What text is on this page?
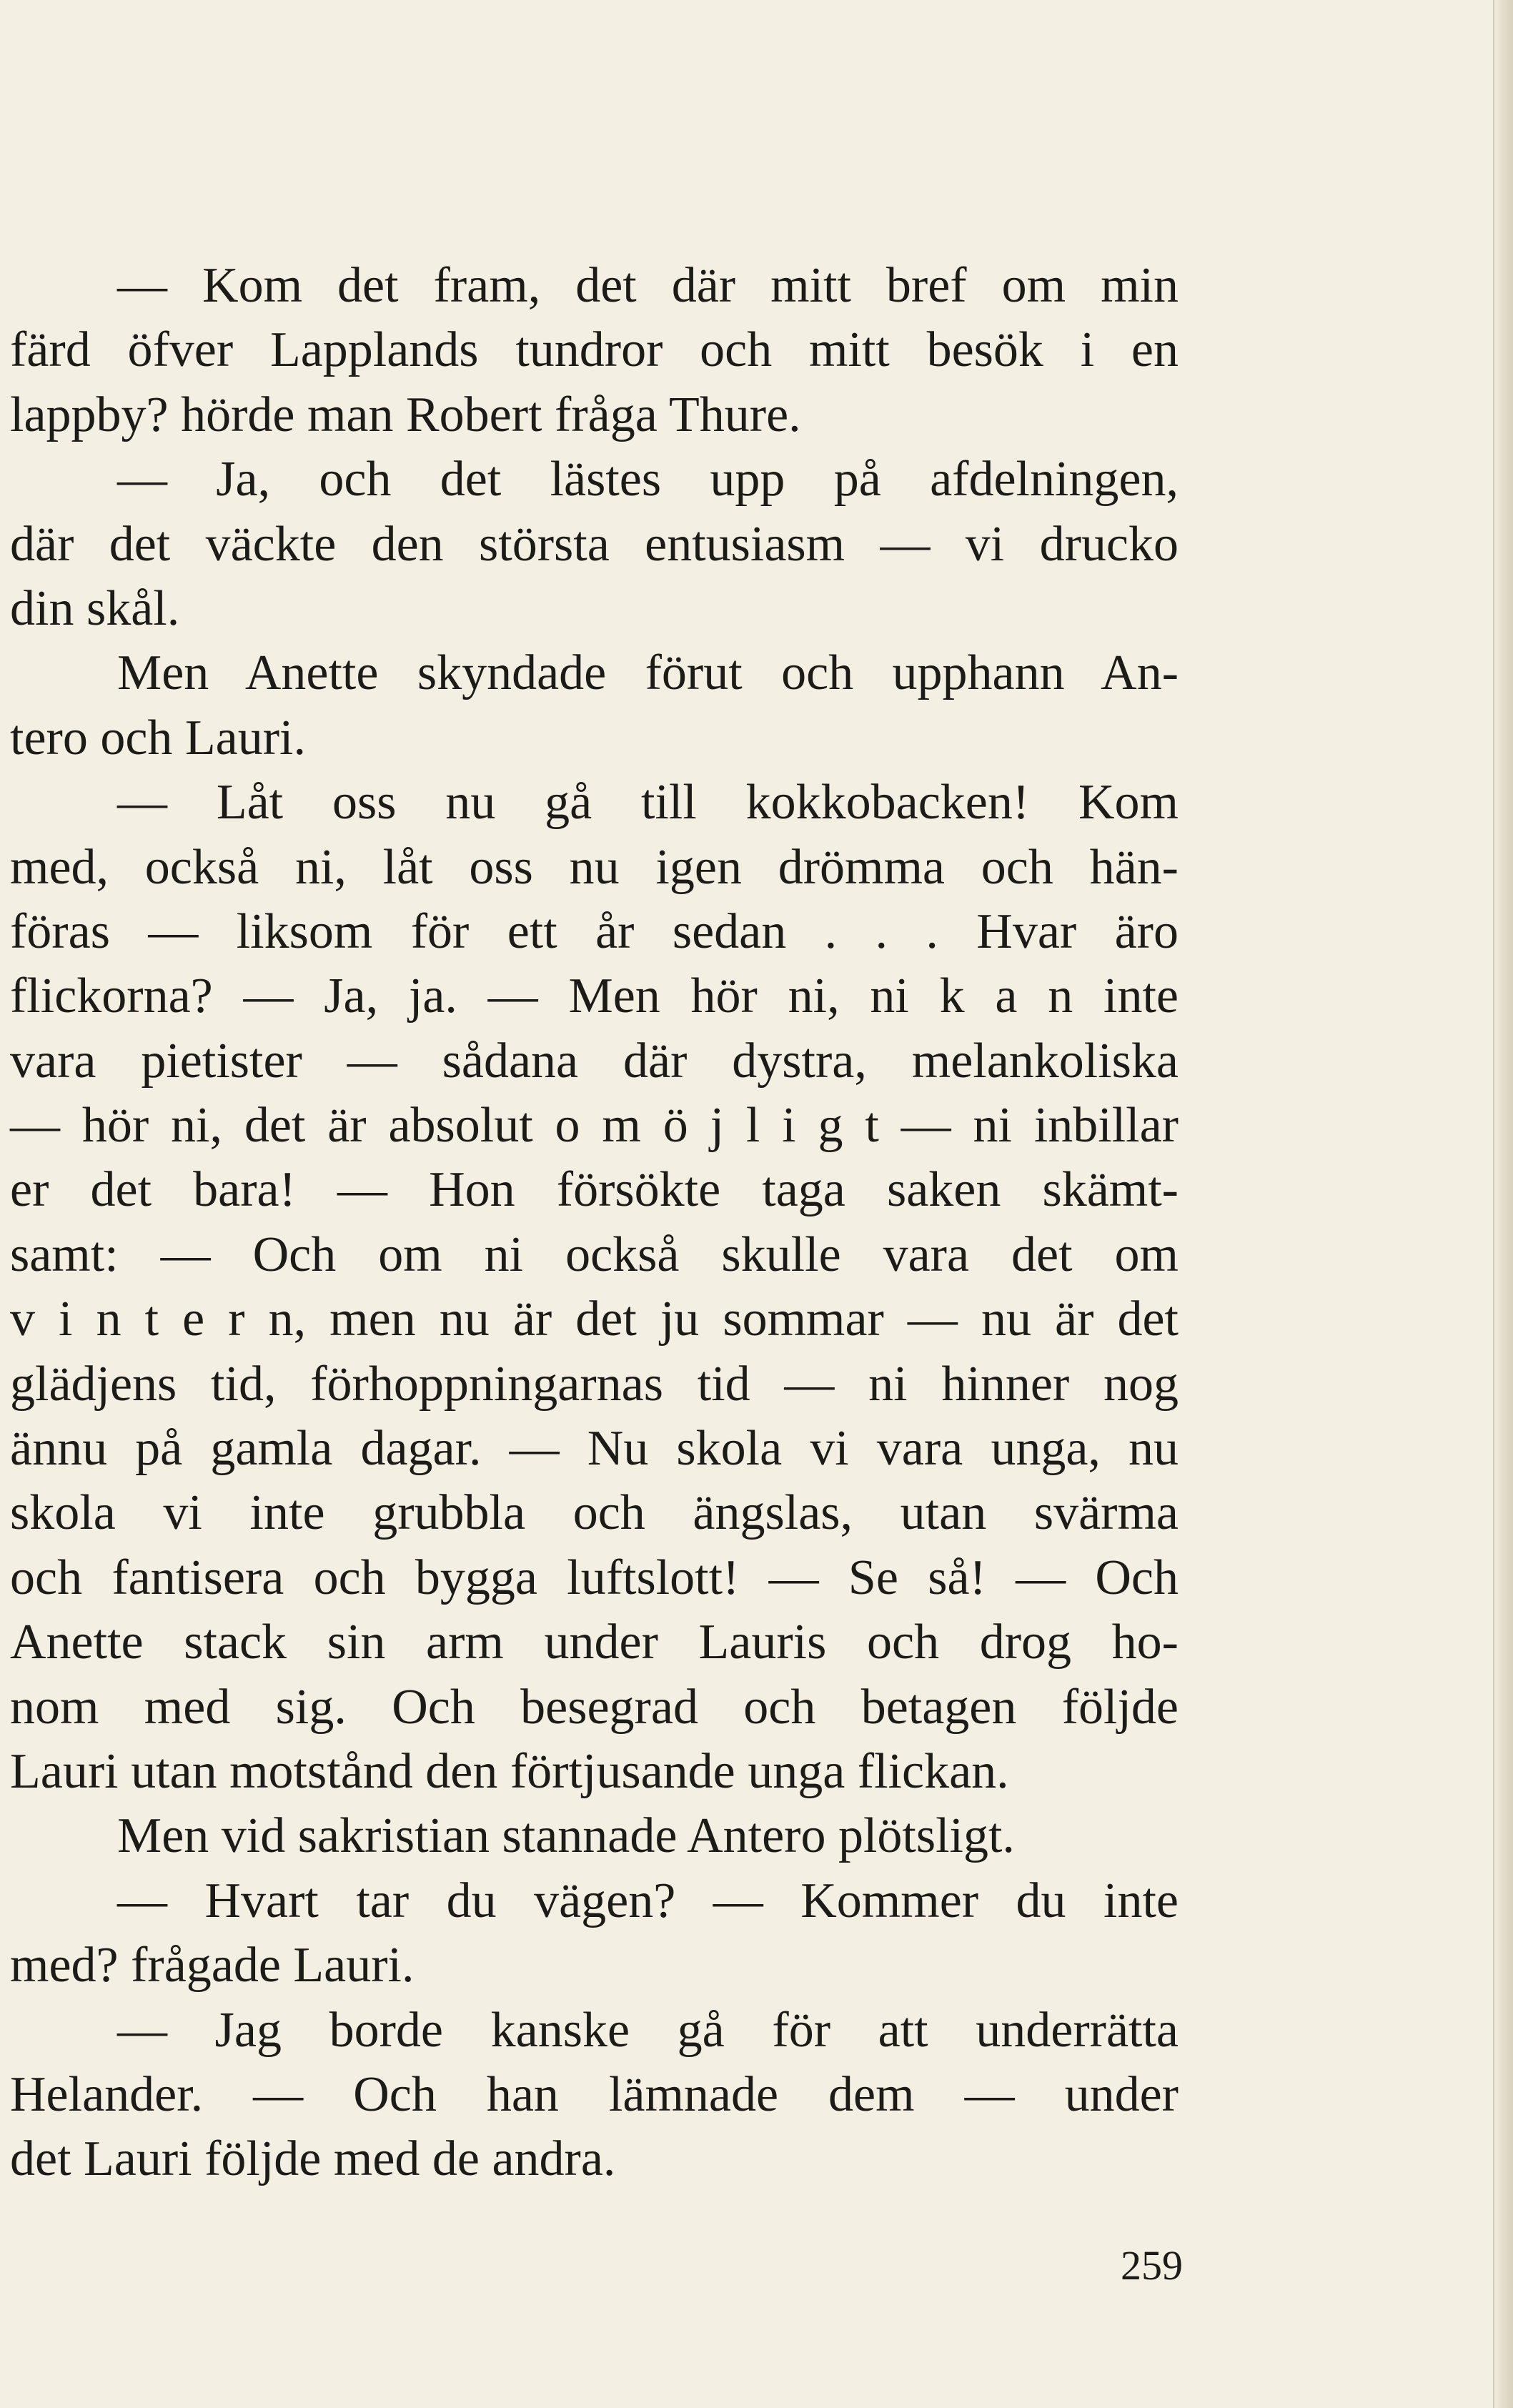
— Kom det fram, det där mitt bref om min
färd öfver Lapplands tundror och mitt besök i en
lappby? hörde man Robert fråga Thure.
— Ja, och det lästes upp på afdelningen,
där det väckte den största entusiasm — vi drucko
din skål.
Men Anette skyndade förut och upphann An-
tero och Lauri.
— Låt oss nu gå till kokkobacken! Kom
med, också ni, låt oss nu igen drömma och hän-
föras — liksom för ett år sedan . . . Hvar äro
flickorna? — Ja, ja. — Men hör ni, ni k a n inte
vara pietister — sådana där dystra, melankoliska
— hör ni, det är absolut o m ö j l i g t — ni inbillar
er det bara! — Hon försökte taga saken skämt-
samt: — Och om ni också skulle vara det om
v i n t e r n, men nu är det ju sommar — nu är det
glädjens tid, förhoppningarnas tid — ni hinner nog
ännu på gamla dagar. — Nu skola vi vara unga, nu
skola vi inte grubbla och ängslas, utan svärma
och fantisera och bygga luftslott! — Se så! — Och
Anette stack sin arm under Lauris och drog ho-
nom med sig. Och besegrad och betagen följde
Lauri utan motstånd den förtjusande unga flickan.
Men vid sakristian stannade Antero plötsligt.
— Hvart tar du vägen? — Kommer du inte
med? frågade Lauri.
— Jag borde kanske gå för att underrätta
Helander. — Och han lämnade dem — under
det Lauri följde med de andra.
259
